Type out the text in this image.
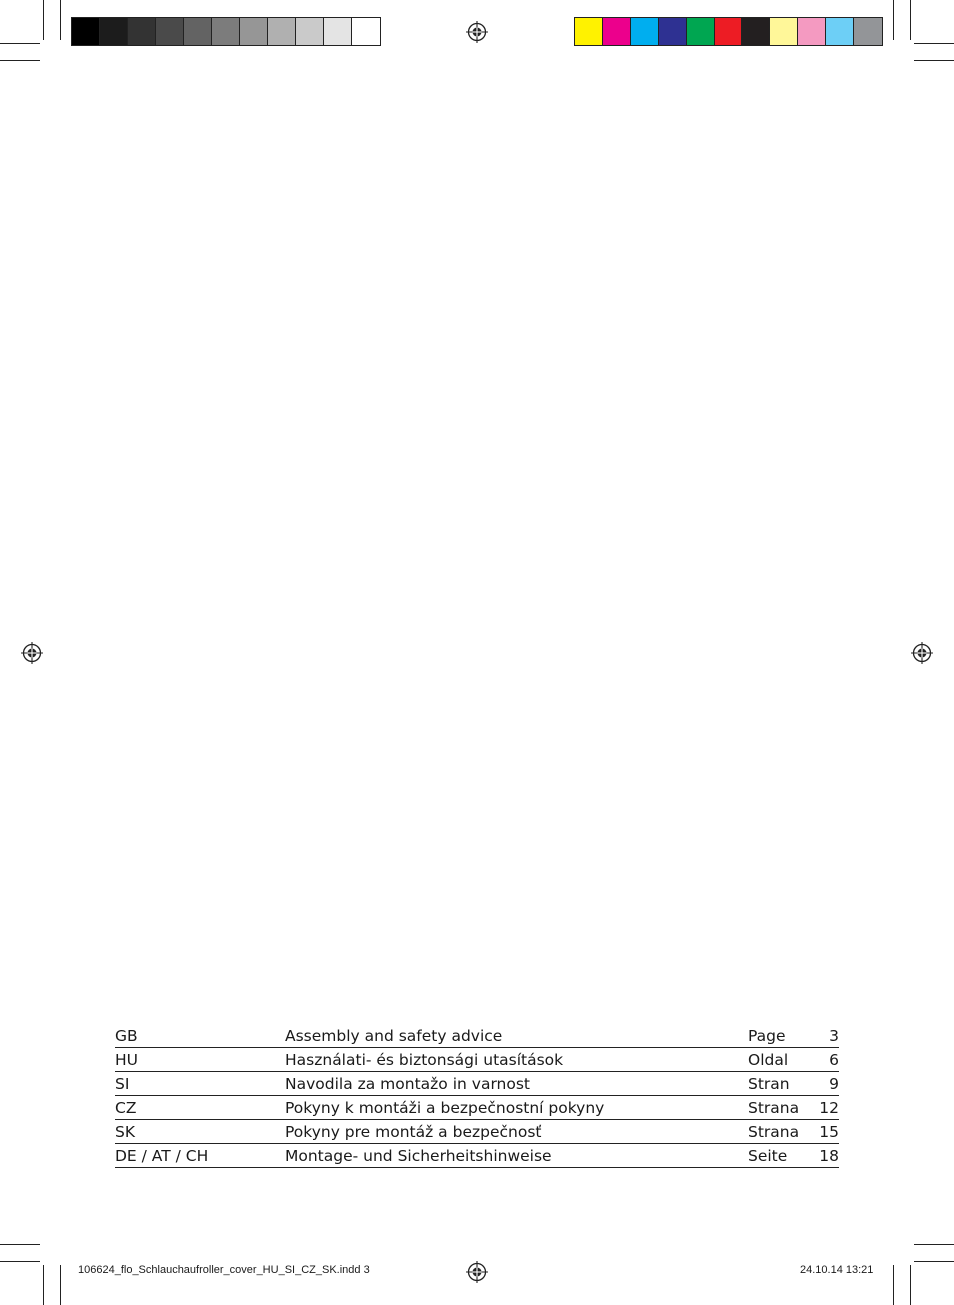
GB	Assembly and safety advice	Page	3
HU	Használati- és biztonsági utasítások	Oldal	6
SI	Navodila za montažo in varnost	Stran	9
CZ	Pokyny k montáži a bezpečnostní pokyny	Strana	12
SK	Pokyny pre montáž a bezpečnosť	Strana	15
DE / AT / CH	Montage- und Sicherheitshinweise	Seite	18
106624_flo_Schlauchaufroller_cover_HU_SI_CZ_SK.indd 3	24.10.14 13:21
